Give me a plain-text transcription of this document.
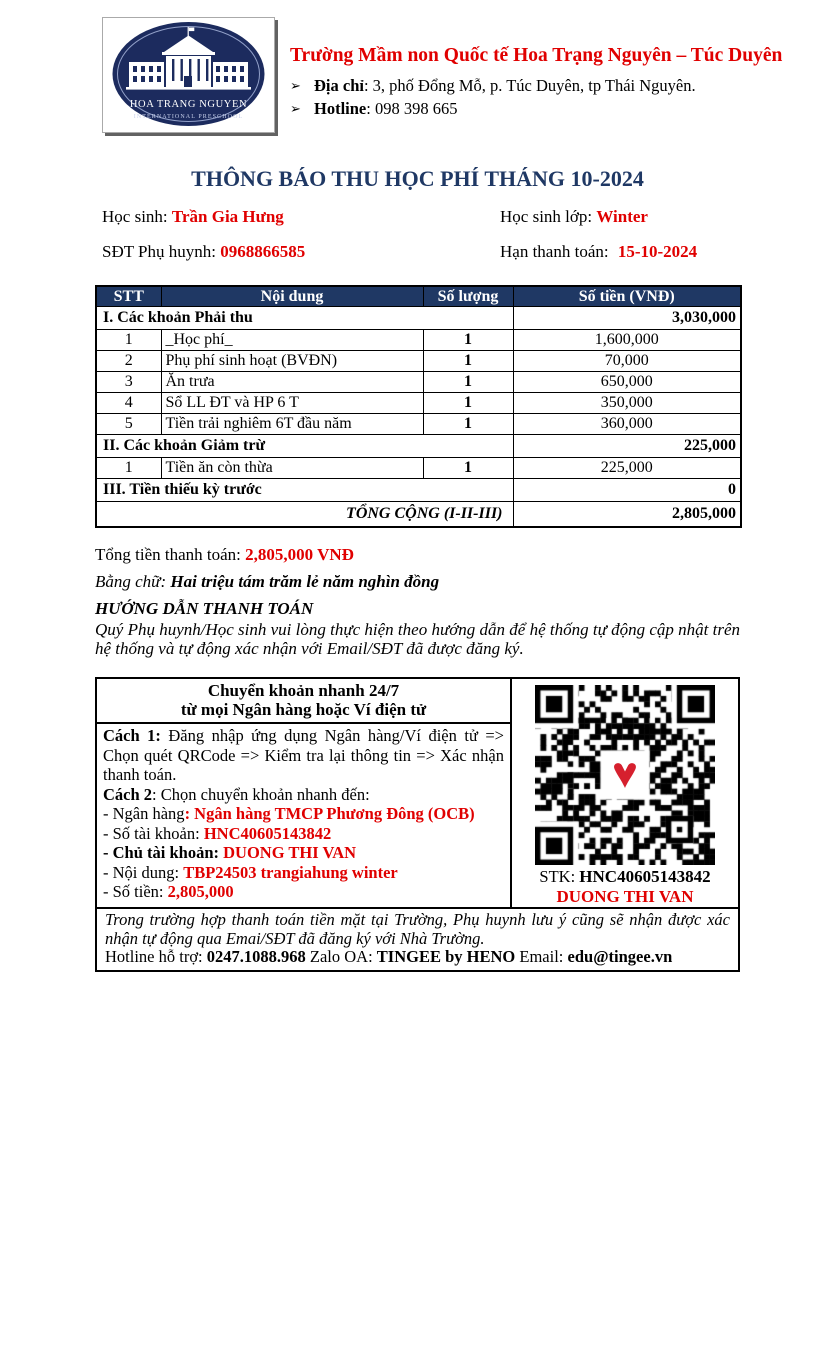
HOA TRANG NGUYEN
INTERNATIONAL PRESCHOOL
Trường Mầm non Quốc tế Hoa Trạng Nguyên – Túc Duyên
➢ Địa chỉ: 3, phố Đổng Mỗ, p. Túc Duyên, tp Thái Nguyên.
➢ Hotline: 098 398 665
THÔNG BÁO THU HỌC PHÍ THÁNG 10-2024
Học sinh: Trần Gia Hưng	Học sinh lớp: Winter
SĐT Phụ huynh: 0968866585	Hạn thanh toán: 15-10-2024
STT	Nội dung	Số lượng	Số tiền (VNĐ)
I. Các khoản Phải thu			3,030,000
1	_Học phí_	1	1,600,000
2	Phụ phí sinh hoạt (BVĐN)	1	70,000
3	Ăn trưa	1	650,000
4	Sổ LL ĐT và HP 6 T	1	350,000
5	Tiền trải nghiêm 6T đầu năm	1	360,000
II. Các khoản Giảm trừ			225,000
1	Tiền ăn còn thừa	1	225,000
III. Tiền thiếu kỳ trước			0
TỔNG CỘNG (I-II-III)			2,805,000
Tổng tiền thanh toán: 2,805,000 VNĐ
Bằng chữ: Hai triệu tám trăm lẻ năm nghìn đồng
HƯỚNG DẪN THANH TOÁN
Quý Phụ huynh/Học sinh vui lòng thực hiện theo hướng dẫn để hệ thống tự động cập nhật trên hệ thống và tự động xác nhận với Email/SĐT đã được đăng ký.
Chuyển khoản nhanh 24/7
từ mọi Ngân hàng hoặc Ví điện tử
STK: HNC40605143842
DUONG THI VAN
Cách 1: Đăng nhập ứng dụng Ngân hàng/Ví điện tử => Chọn quét QRCode => Kiểm tra lại thông tin => Xác nhận thanh toán.
Cách 2: Chọn chuyển khoản nhanh đến:
- Ngân hàng: Ngân hàng TMCP Phương Đông (OCB)
- Số tài khoản: HNC40605143842
- Chủ tài khoản: DUONG THI VAN
- Nội dung: TBP24503 trangiahung winter
- Số tiền: 2,805,000
Trong trường hợp thanh toán tiền mặt tại Trường, Phụ huynh lưu ý cũng sẽ nhận được xác nhận tự động qua Emai/SĐT đã đăng ký với Nhà Trường.
Hotline hỗ trợ: 0247.1088.968 Zalo OA: TINGEE by HENO Email: edu@tingee.vn
